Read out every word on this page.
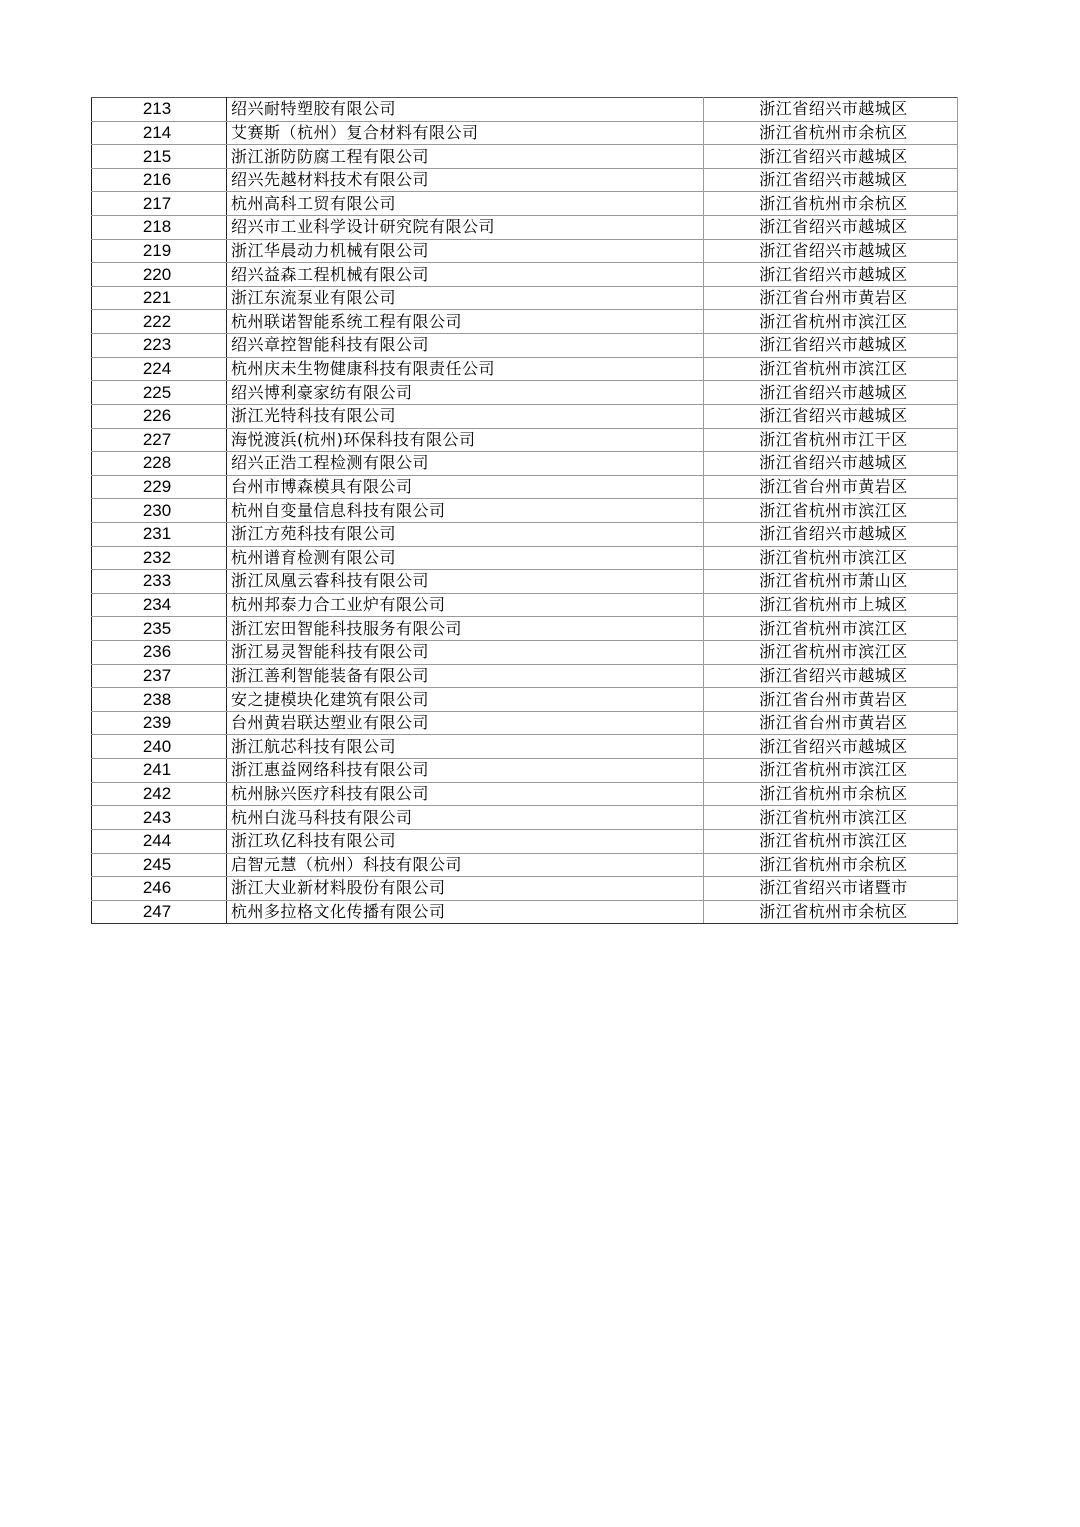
213	绍兴耐特塑胶有限公司	浙江省绍兴市越城区
214	艾赛斯（杭州）复合材料有限公司	浙江省杭州市余杭区
215	浙江浙防防腐工程有限公司	浙江省绍兴市越城区
216	绍兴先越材料技术有限公司	浙江省绍兴市越城区
217	杭州高科工贸有限公司	浙江省杭州市余杭区
218	绍兴市工业科学设计研究院有限公司	浙江省绍兴市越城区
219	浙江华晨动力机械有限公司	浙江省绍兴市越城区
220	绍兴益森工程机械有限公司	浙江省绍兴市越城区
221	浙江东流泵业有限公司	浙江省台州市黄岩区
222	杭州联诺智能系统工程有限公司	浙江省杭州市滨江区
223	绍兴章控智能科技有限公司	浙江省绍兴市越城区
224	杭州庆未生物健康科技有限责任公司	浙江省杭州市滨江区
225	绍兴博利豪家纺有限公司	浙江省绍兴市越城区
226	浙江光特科技有限公司	浙江省绍兴市越城区
227	海悦渡浜(杭州)环保科技有限公司	浙江省杭州市江干区
228	绍兴正浩工程检测有限公司	浙江省绍兴市越城区
229	台州市博森模具有限公司	浙江省台州市黄岩区
230	杭州自变量信息科技有限公司	浙江省杭州市滨江区
231	浙江方苑科技有限公司	浙江省绍兴市越城区
232	杭州谱育检测有限公司	浙江省杭州市滨江区
233	浙江凤凰云睿科技有限公司	浙江省杭州市萧山区
234	杭州邦泰力合工业炉有限公司	浙江省杭州市上城区
235	浙江宏田智能科技服务有限公司	浙江省杭州市滨江区
236	浙江易灵智能科技有限公司	浙江省杭州市滨江区
237	浙江善利智能装备有限公司	浙江省绍兴市越城区
238	安之捷模块化建筑有限公司	浙江省台州市黄岩区
239	台州黄岩联达塑业有限公司	浙江省台州市黄岩区
240	浙江航芯科技有限公司	浙江省绍兴市越城区
241	浙江惠益网络科技有限公司	浙江省杭州市滨江区
242	杭州脉兴医疗科技有限公司	浙江省杭州市余杭区
243	杭州白泷马科技有限公司	浙江省杭州市滨江区
244	浙江玖亿科技有限公司	浙江省杭州市滨江区
245	启智元慧（杭州）科技有限公司	浙江省杭州市余杭区
246	浙江大业新材料股份有限公司	浙江省绍兴市诸暨市
247	杭州多拉格文化传播有限公司	浙江省杭州市余杭区
